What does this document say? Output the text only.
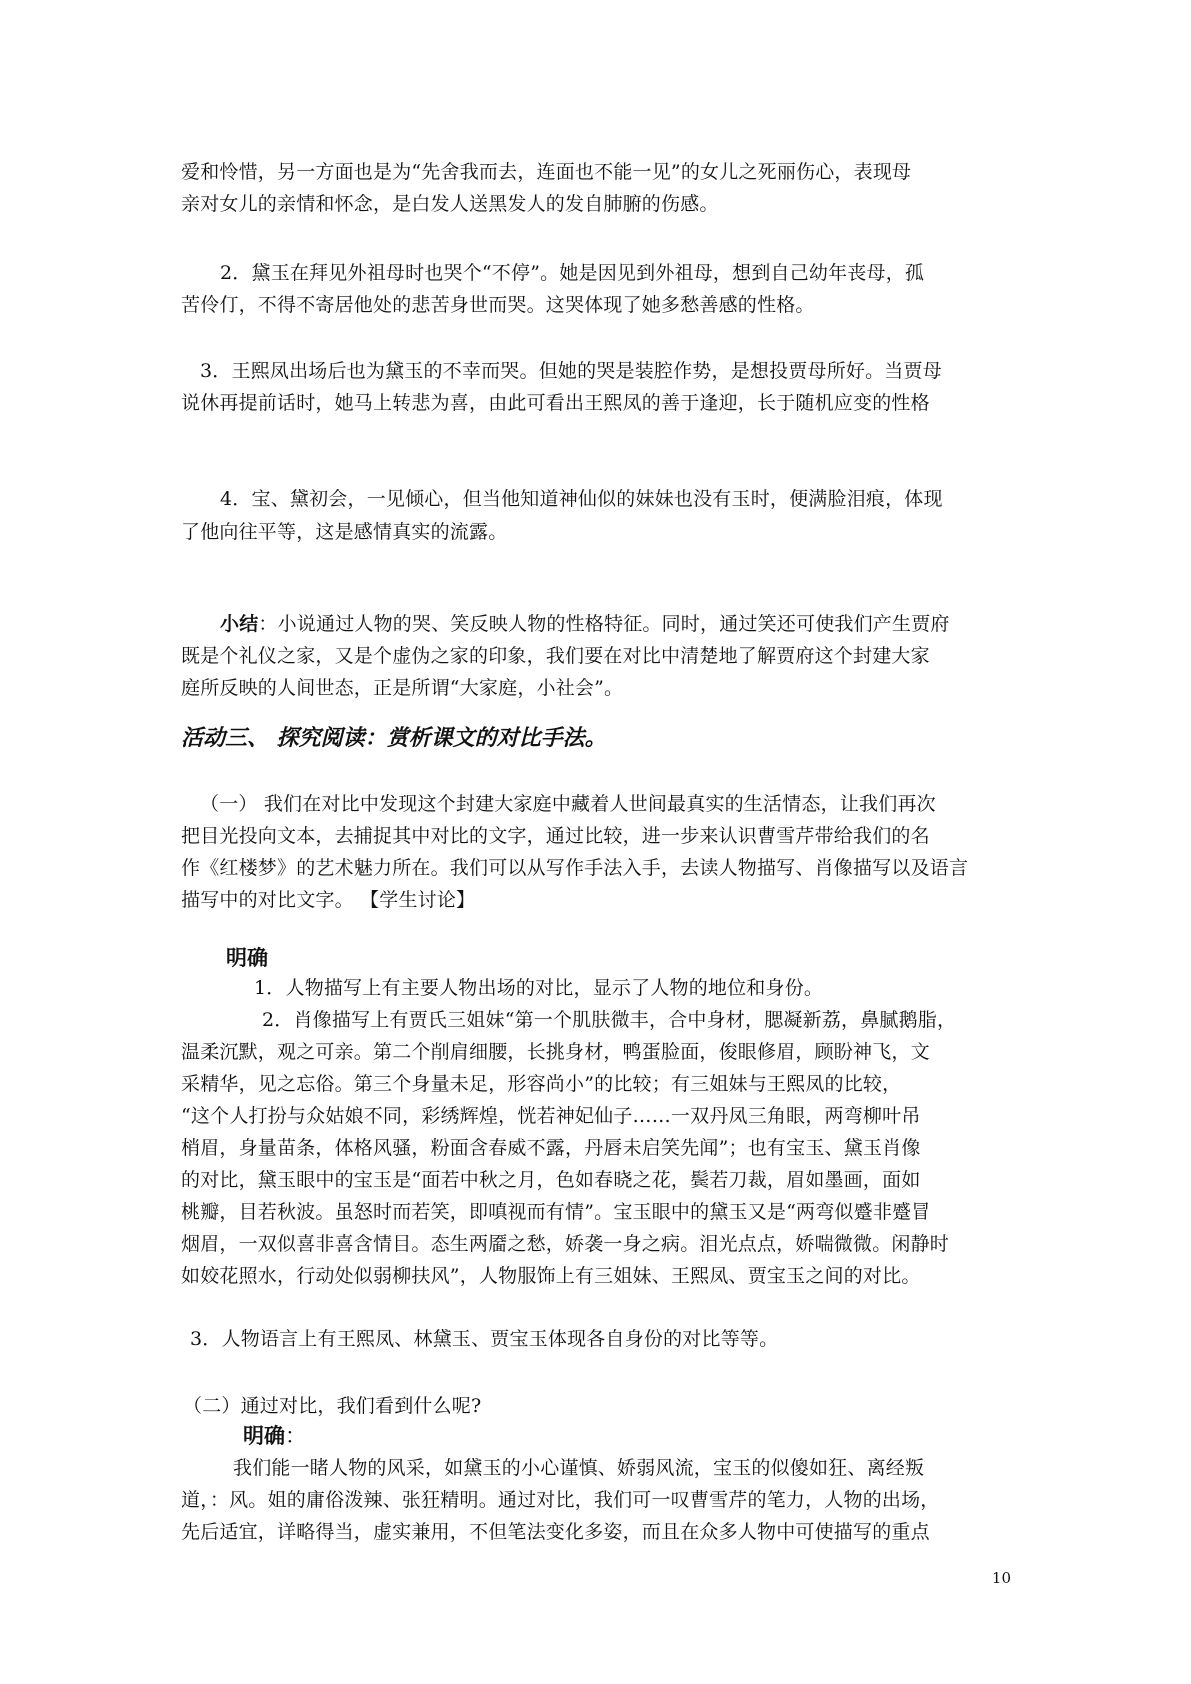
爱和怜惜，另一方面也是为“先舍我而去，连面也不能一见”的女儿之死丽伤心，表现母
亲对女儿的亲情和怀念，是白发人送黑发人的发自肺腑的伤感。
2．黛玉在拜见外祖母时也哭个“不停”。她是因见到外祖母，想到自己幼年丧母，孤
苦伶仃，不得不寄居他处的悲苦身世而哭。这哭体现了她多愁善感的性格。
3．王熙凤出场后也为黛玉的不幸而哭。但她的哭是装腔作势，是想投贾母所好。当贾母
说休再提前话时，她马上转悲为喜，由此可看出王熙凤的善于逢迎，长于随机应变的性格
4．宝、黛初会，一见倾心，但当他知道神仙似的妹妹也没有玉时，便满脸泪痕，体现
了他向往平等，这是感情真实的流露。
小结：小说通过人物的哭、笑反映人物的性格特征。同时，通过笑还可使我们产生贾府
既是个礼仪之家，又是个虚伪之家的印象，我们要在对比中清楚地了解贾府这个封建大家
庭所反映的人间世态，正是所谓“大家庭，小社会”。
活动三、 探究阅读：赏析课文的对比手法。
（一） 我们在对比中发现这个封建大家庭中藏着人世间最真实的生活情态，让我们再次
把目光投向文本，去捕捉其中对比的文字，通过比较，进一步来认识曹雪芹带给我们的名
作《红楼梦》的艺术魅力所在。我们可以从写作手法入手，去读人物描写、肖像描写以及语言
描写中的对比文字。 【学生讨论】
明确
1．人物描写上有主要人物出场的对比，显示了人物的地位和身份。
2．肖像描写上有贾氏三姐妹“第一个肌肤微丰，合中身材，腮凝新荔，鼻腻鹅脂，
温柔沉默，观之可亲。第二个削肩细腰，长挑身材，鸭蛋脸面，俊眼修眉，顾盼神飞，文
采精华，见之忘俗。第三个身量未足，形容尚小”的比较；有三姐妹与王熙凤的比较，
“这个人打扮与众姑娘不同，彩绣辉煌，恍若神妃仙子……一双丹凤三角眼，两弯柳叶吊
梢眉，身量苗条，体格风骚，粉面含春威不露，丹唇未启笑先闻”；也有宝玉、黛玉肖像
的对比，黛玉眼中的宝玉是“面若中秋之月，色如春晓之花，鬓若刀裁，眉如墨画，面如
桃瓣，目若秋波。虽怒时而若笑，即嗔视而有情”。宝玉眼中的黛玉又是“两弯似蹙非蹙冒
烟眉，一双似喜非喜含情目。态生两靥之愁，娇袭一身之病。泪光点点，娇喘微微。闲静时
如姣花照水，行动处似弱柳扶风”，人物服饰上有三姐妹、王熙凤、贾宝玉之间的对比。
3．人物语言上有王熙凤、林黛玉、贾宝玉体现各自身份的对比等等。
（二）通过对比，我们看到什么呢?
明确：
我们能一睹人物的风采，如黛玉的小心谨慎、娇弱风流，宝玉的似傻如狂、离经叛
道，：风。姐的庸俗泼辣、张狂精明。通过对比，我们可一叹曹雪芹的笔力，人物的出场，
先后适宜，详略得当，虚实兼用，不但笔法变化多姿，而且在众多人物中可使描写的重点
10
